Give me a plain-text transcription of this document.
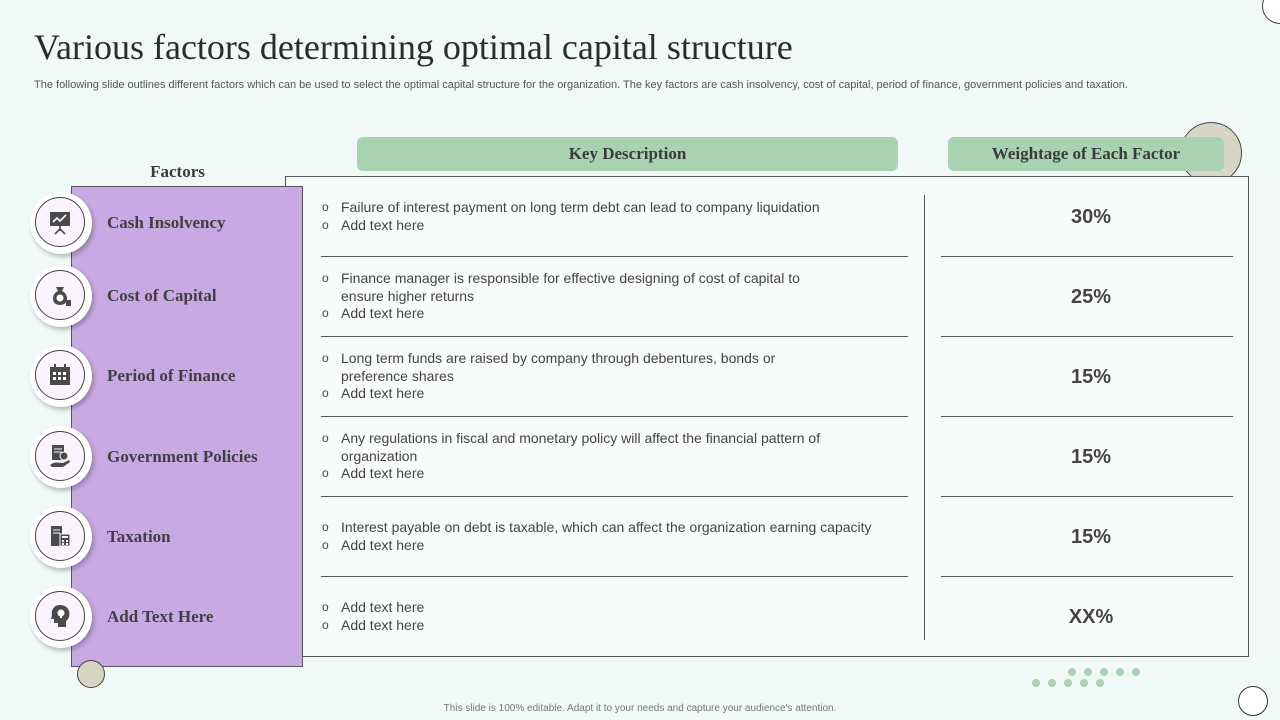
Various factors determining optimal capital structure

The following slide outlines different factors which can be used to select the optimal capital structure for the organization. The key factors are cash insolvency, cost of capital, period of finance, government policies and taxation.

Factors
Key Description	Weightage of Each Factor
Cash Insolvency
Cost of Capital
Period of Finance
Government Policies
Taxation
Add Text Here
o Failure of interest payment on long term debt can lead to company liquidation
o Add text here
o Finance manager is responsible for effective designing of cost of capital to ensure higher returns
o Add text here
o Long term funds are raised by company through debentures, bonds or preference shares
o Add text here
o Any regulations in fiscal and monetary policy will affect the financial pattern of organization
o Add text here
o Interest payable on debt is taxable, which can affect the organization earning capacity
o Add text here
o Add text here
o Add text here
30%
25%
15%
15%
15%
XX%
This slide is 100% editable. Adapt it to your needs and capture your audience's attention.
